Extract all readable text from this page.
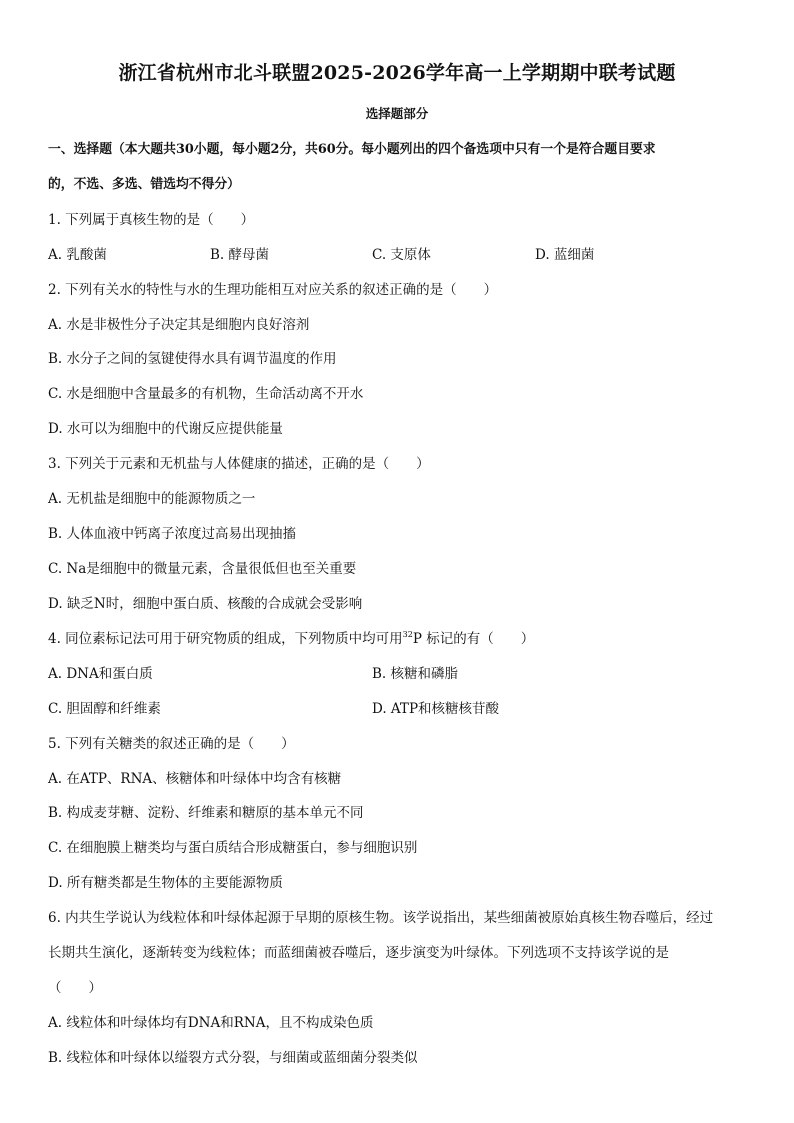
浙江省杭州市北斗联盟2025-2026学年高一上学期期中联考试题
选择题部分
一、选择题（本大题共30小题，每小题2分，共60分。每小题列出的四个备选项中只有一个是符合题目要求
的，不选、多选、错选均不得分）
1. 下列属于真核生物的是（　　）
A. 乳酸菌	B. 酵母菌	C. 支原体	D. 蓝细菌
2. 下列有关水的特性与水的生理功能相互对应关系的叙述正确的是（　　）
A. 水是非极性分子决定其是细胞内良好溶剂
B. 水分子之间的氢键使得水具有调节温度的作用
C. 水是细胞中含量最多的有机物，生命活动离不开水
D. 水可以为细胞中的代谢反应提供能量
3. 下列关于元素和无机盐与人体健康的描述，正确的是（　　）
A. 无机盐是细胞中的能源物质之一
B. 人体血液中钙离子浓度过高易出现抽搐
C. Na是细胞中的微量元素，含量很低但也至关重要
D. 缺乏N时，细胞中蛋白质、核酸的合成就会受影响
4. 同位素标记法可用于研究物质的组成，下列物质中均可用$^{32}$P 标记的有（　　）
A. DNA和蛋白质	B. 核糖和磷脂
C. 胆固醇和纤维素	D. ATP和核糖核苷酸
5. 下列有关糖类的叙述正确的是（　　）
A. 在ATP、RNA、核糖体和叶绿体中均含有核糖
B. 构成麦芽糖、淀粉、纤维素和糖原的基本单元不同
C. 在细胞膜上糖类均与蛋白质结合形成糖蛋白，参与细胞识别
D. 所有糖类都是生物体的主要能源物质
6. 内共生学说认为线粒体和叶绿体起源于早期的原核生物。该学说指出，某些细菌被原始真核生物吞噬后，经过
长期共生演化，逐渐转变为线粒体；而蓝细菌被吞噬后，逐步演变为叶绿体。下列选项不支持该学说的是
（　　）
A. 线粒体和叶绿体均有DNA和RNA，且不构成染色质
B. 线粒体和叶绿体以缢裂方式分裂，与细菌或蓝细菌分裂类似
